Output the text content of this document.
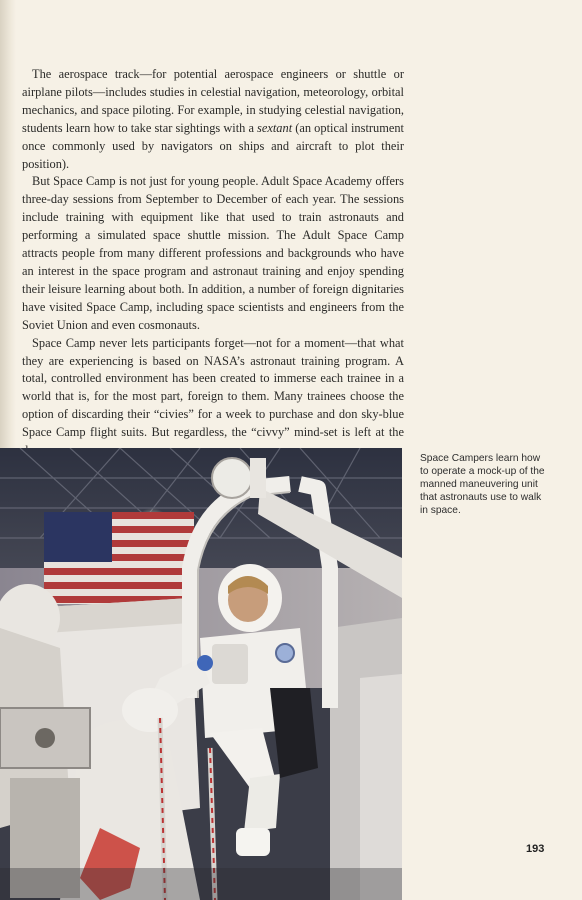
The aerospace track—for potential aerospace engineers or shuttle or airplane pilots—includes studies in celestial navigation, meteorology, orbital mechanics, and space piloting. For example, in studying celestial navigation, students learn how to take star sightings with a sextant (an optical instrument once commonly used by navigators on ships and aircraft to plot their position).

But Space Camp is not just for young people. Adult Space Academy offers three-day sessions from September to December of each year. The sessions include training with equipment like that used to train astronauts and performing a simulated space shuttle mission. The Adult Space Camp attracts people from many different professions and backgrounds who have an interest in the space program and astronaut training and enjoy spending their leisure learning about both. In addition, a number of foreign dignitaries have visited Space Camp, including space scientists and engineers from the Soviet Union and even cosmonauts.

Space Camp never lets participants forget—not for a moment—that what they are experiencing is based on NASA’s astronaut training program. A total, controlled environment has been created to immerse each trainee in a world that is, for the most part, foreign to them. Many trainees choose the option of discarding their “civies” for a week to purchase and don sky-blue Space Camp flight suits. But regardless, the “civvy” mind-set is left at the

Space Campers learn how to operate a mock-up of the manned maneuvering unit that astronauts use to walk in space.
193
